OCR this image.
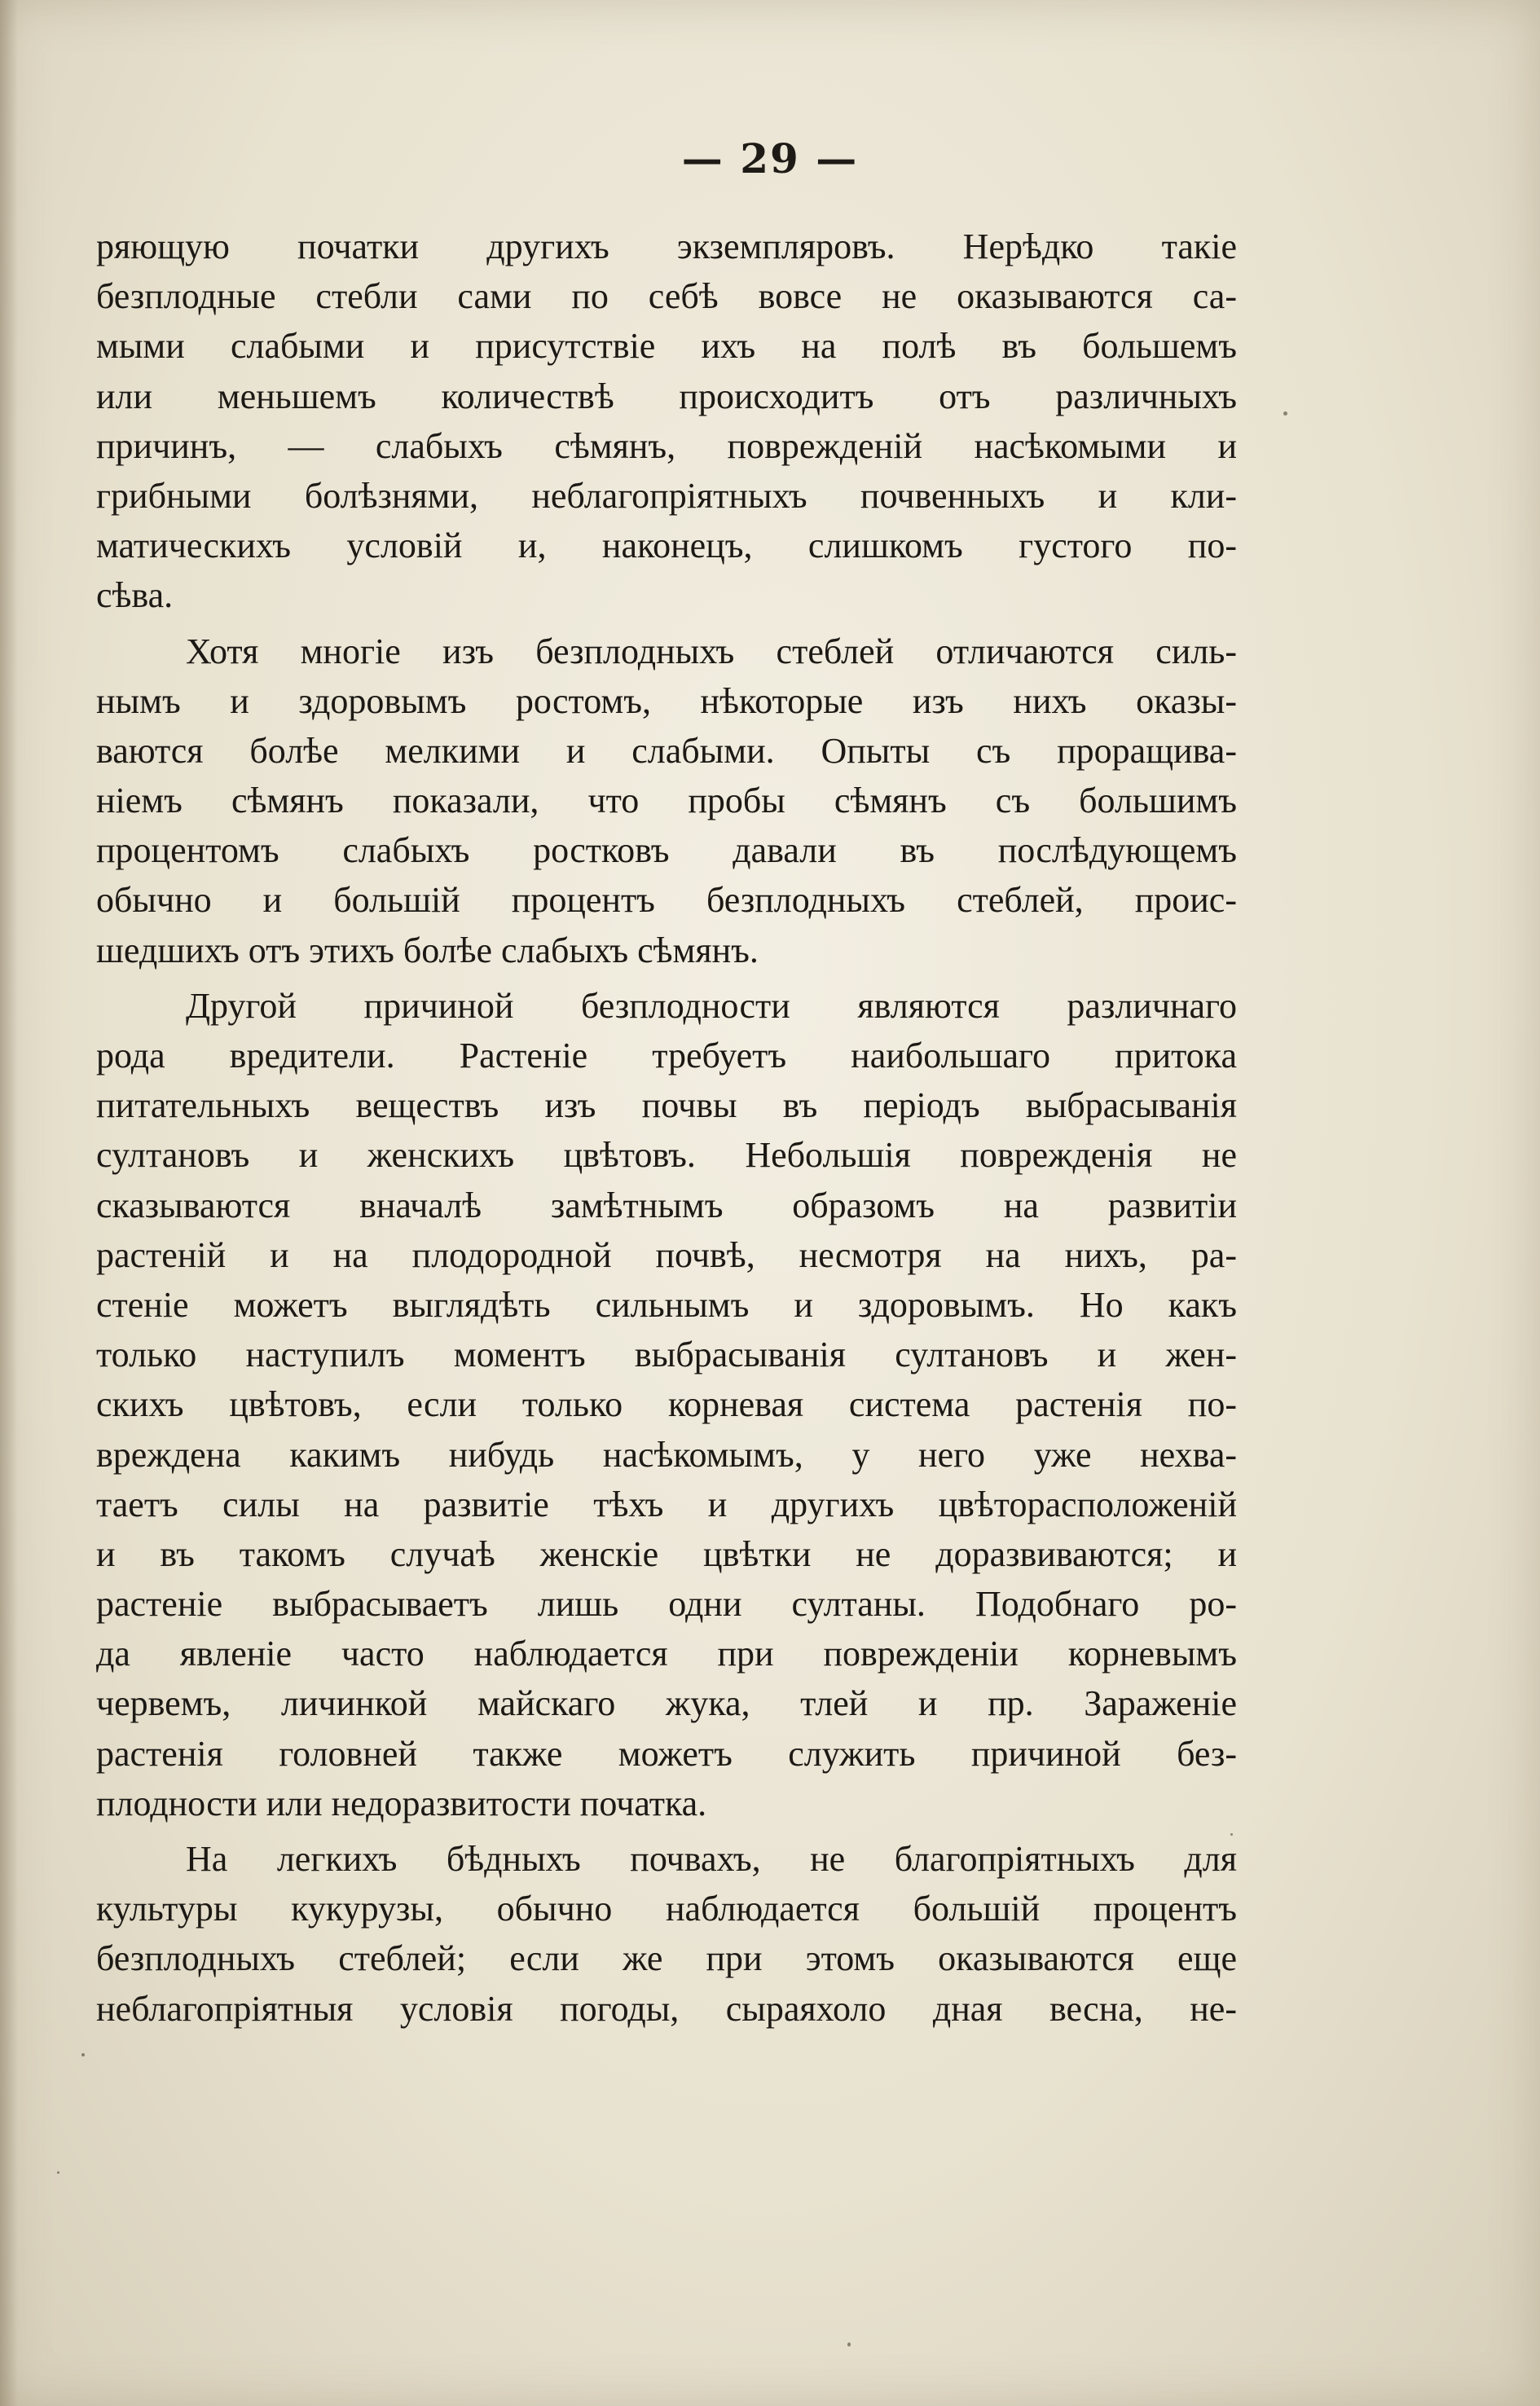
— 29 —
ряющую початки другихъ экземпляровъ. Нерѣдко такіе
безплодные стебли сами по себѣ вовсе не оказываются са-
мыми слабыми и присутствіе ихъ на полѣ въ большемъ
или меньшемъ количествѣ происходитъ отъ различныхъ
причинъ, — слабыхъ сѣмянъ, поврежденій насѣкомыми и
грибными болѣзнями, неблагопріятныхъ почвенныхъ и кли-
матическихъ условій и, наконецъ, слишкомъ густого по-
сѣва.
Хотя многіе изъ безплодныхъ стеблей отличаются силь-
нымъ и здоровымъ ростомъ, нѣкоторые изъ нихъ оказы-
ваются болѣе мелкими и слабыми. Опыты съ проращива-
ніемъ сѣмянъ показали, что пробы сѣмянъ съ большимъ
процентомъ слабыхъ ростковъ давали въ послѣдующемъ
обычно и большій процентъ безплодныхъ стеблей, проис-
шедшихъ отъ этихъ болѣе слабыхъ сѣмянъ.
Другой причиной безплодности являются различнаго
рода вредители. Растеніе требуетъ наибольшаго притока
питательныхъ веществъ изъ почвы въ періодъ выбрасыванія
султановъ и женскихъ цвѣтовъ. Небольшія поврежденія не
сказываются вначалѣ замѣтнымъ образомъ на развитіи
растеній и на плодородной почвѣ, несмотря на нихъ, ра-
стеніе можетъ выглядѣть сильнымъ и здоровымъ. Но какъ
только наступилъ моментъ выбрасыванія султановъ и жен-
скихъ цвѣтовъ, если только корневая система растенія по-
вреждена какимъ нибудь насѣкомымъ, у него уже нехва-
таетъ силы на развитіе тѣхъ и другихъ цвѣторасположеній
и въ такомъ случаѣ женскіе цвѣтки не доразвиваются; и
растеніе выбрасываетъ лишь одни султаны. Подобнаго ро-
да явленіе часто наблюдается при поврежденіи корневымъ
червемъ, личинкой майскаго жука, тлей и пр. Зараженіе
растенія головней также можетъ служить причиной без-
плодности или недоразвитости початка.
На легкихъ бѣдныхъ почвахъ, не благопріятныхъ для
культуры кукурузы, обычно наблюдается большій процентъ
безплодныхъ стеблей; если же при этомъ оказываются еще
неблагопріятныя условія погоды, сыраяхоло дная весна, не-
